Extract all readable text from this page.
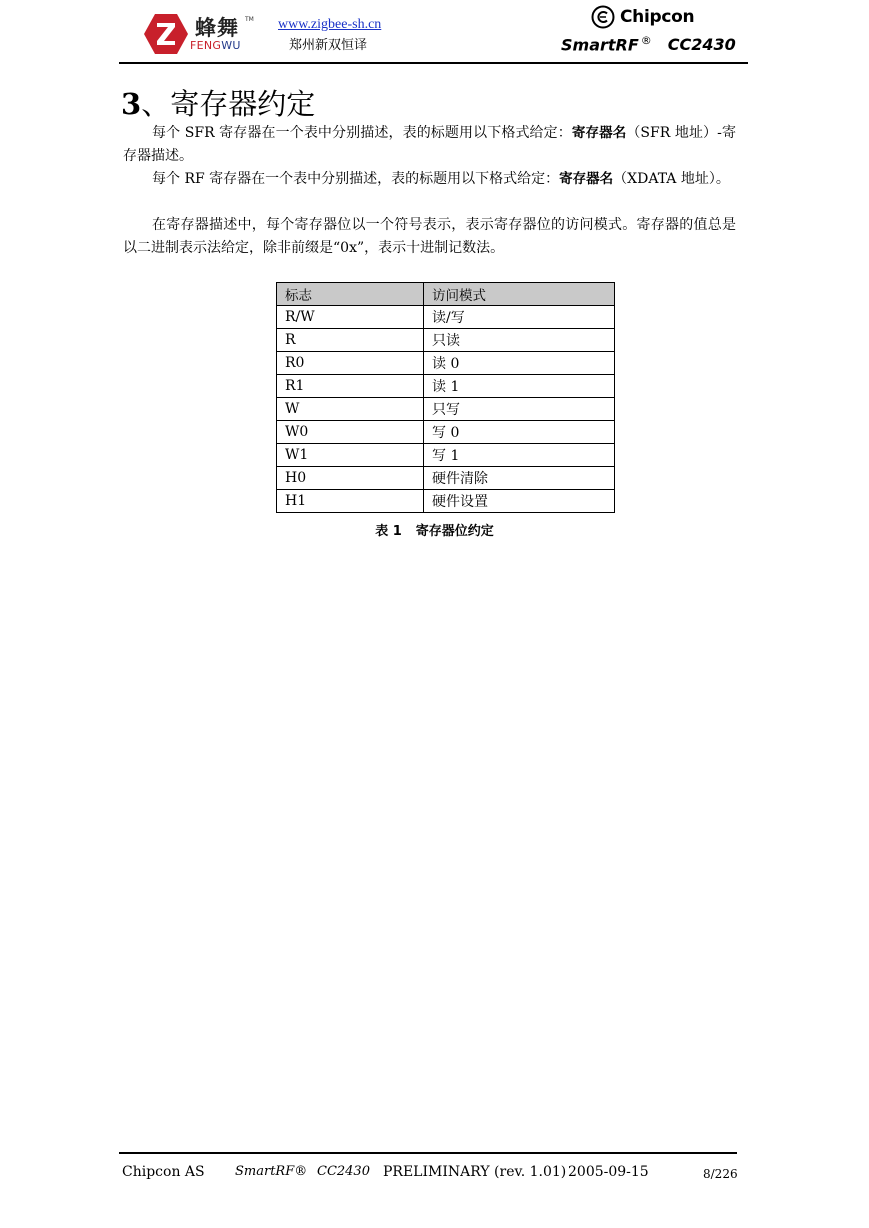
蜂舞 TM
FENGWU
www.zigbee-sh.cn
郑州新双恒译
Chipcon
SmartRF ® CC2430
3、寄存器约定

每个 SFR 寄存器在一个表中分别描述，表的标题用以下格式给定：寄存器名（SFR 地址）-寄存器描述。

每个 RF 寄存器在一个表中分别描述，表的标题用以下格式给定：寄存器名（XDATA 地址）。

在寄存器描述中，每个寄存器位以一个符号表示，表示寄存器位的访问模式。寄存器的值总是以二进制表示法给定，除非前缀是“0x”，表示十进制记数法。

标志	访问模式
R/W	读/写
R	只读
R0	读 0
R1	读 1
W	只写
W0	写 0
W1	写 1
H0	硬件清除
H1	硬件设置
表 1 寄存器位约定
Chipcon AS SmartRF® CC2430 PRELIMINARY (rev. 1.01) 2005-09-15	8/226
